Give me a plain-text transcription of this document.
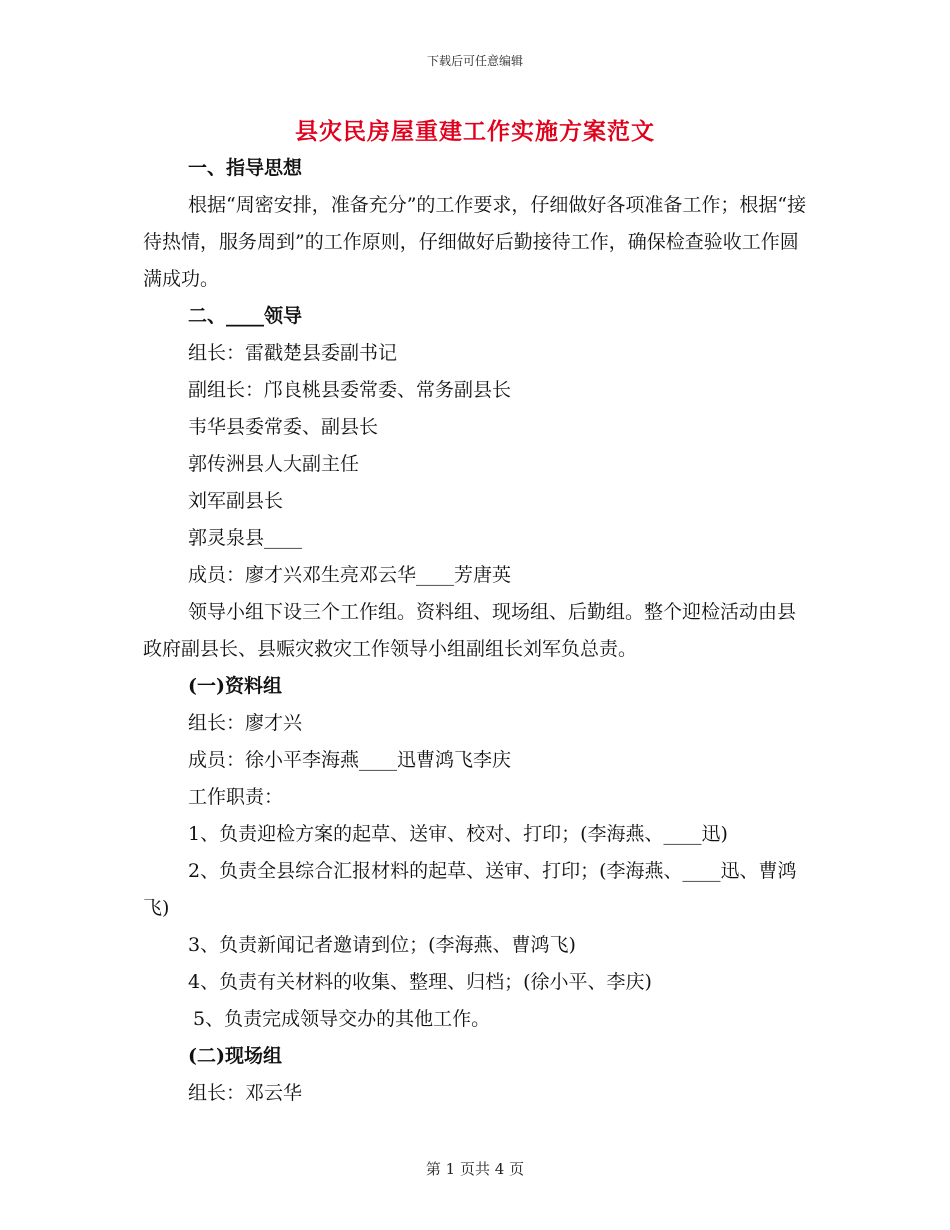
下载后可任意编辑
县灾民房屋重建工作实施方案范文

一、指导思想

根据“周密安排，准备充分”的工作要求，仔细做好各项准备工作；根据“接待热情，服务周到”的工作原则，仔细做好后勤接待工作，确保检查验收工作圆满成功。

二、____领导

组长：雷戳楚县委副书记

副组长：邝良桃县委常委、常务副县长

韦华县委常委、副县长

郭传洲县人大副主任

刘军副县长

郭灵泉县____

成员：廖才兴邓生亮邓云华____芳唐英

领导小组下设三个工作组。资料组、现场组、后勤组。整个迎检活动由县政府副县长、县赈灾救灾工作领导小组副组长刘军负总责。

(一)资料组

组长：廖才兴

成员：徐小平李海燕____迅曹鸿飞李庆

工作职责：

1、负责迎检方案的起草、送审、校对、打印；(李海燕、____迅)

2、负责全县综合汇报材料的起草、送审、打印；(李海燕、____迅、曹鸿飞)

3、负责新闻记者邀请到位；(李海燕、曹鸿飞)

4、负责有关材料的收集、整理、归档；(徐小平、李庆)

5、负责完成领导交办的其他工作。

(二)现场组

组长：邓云华

第 1 页共 4 页
